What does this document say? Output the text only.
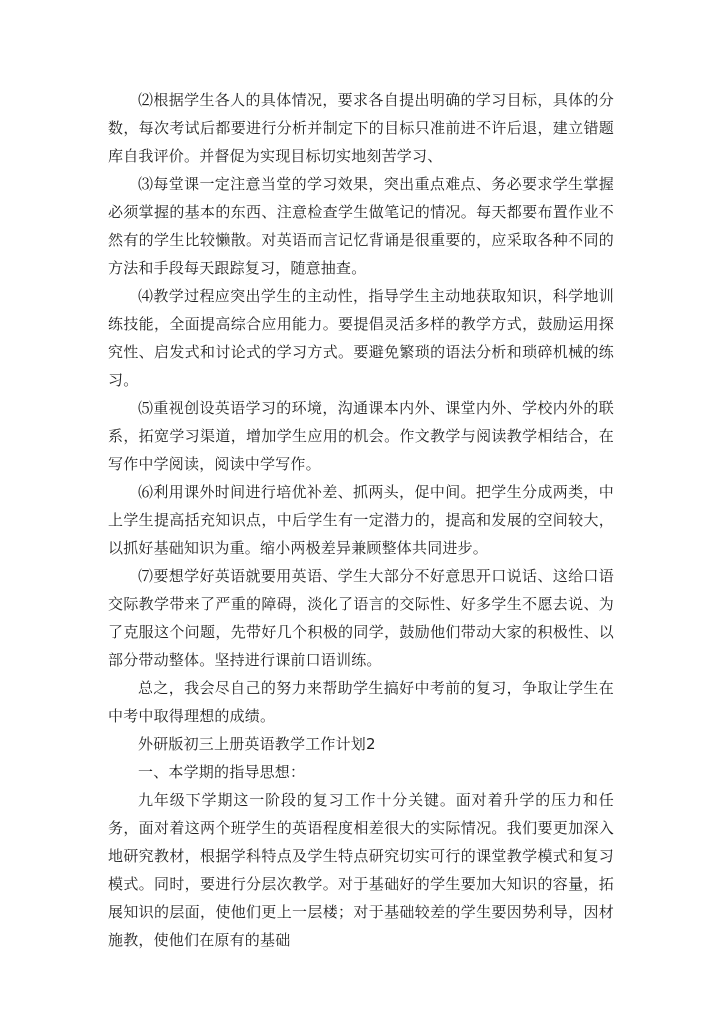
⑵根据学生各人的具体情况，要求各自提出明确的学习目标，具体的分数，每次考试后都要进行分析并制定下的目标只准前进不许后退，建立错题库自我评价。并督促为实现目标切实地刻苦学习、

⑶每堂课一定注意当堂的学习效果，突出重点难点、务必要求学生掌握必须掌握的基本的东西、注意检查学生做笔记的情况。每天都要布置作业不然有的学生比较懒散。对英语而言记忆背诵是很重要的，应采取各种不同的方法和手段每天跟踪复习，随意抽查。

⑷教学过程应突出学生的主动性，指导学生主动地获取知识，科学地训练技能，全面提高综合应用能力。要提倡灵活多样的教学方式，鼓励运用探究性、启发式和讨论式的学习方式。要避免繁琐的语法分析和琐碎机械的练习。

⑸重视创设英语学习的环境，沟通课本内外、课堂内外、学校内外的联系，拓宽学习渠道，增加学生应用的机会。作文教学与阅读教学相结合，在写作中学阅读，阅读中学写作。

⑹利用课外时间进行培优补差、抓两头，促中间。把学生分成两类，中上学生提高括充知识点，中后学生有一定潜力的，提高和发展的空间较大，以抓好基础知识为重。缩小两极差异兼顾整体共同进步。

⑺要想学好英语就要用英语、学生大部分不好意思开口说话、这给口语交际教学带来了严重的障碍，淡化了语言的交际性、好多学生不愿去说、为了克服这个问题，先带好几个积极的同学，鼓励他们带动大家的积极性、以部分带动整体。坚持进行课前口语训练。

总之，我会尽自己的努力来帮助学生搞好中考前的复习，争取让学生在中考中取得理想的成绩。

外研版初三上册英语教学工作计划2

一、本学期的指导思想：

九年级下学期这一阶段的复习工作十分关键。面对着升学的压力和任务，面对着这两个班学生的英语程度相差很大的实际情况。我们要更加深入地研究教材，根据学科特点及学生特点研究切实可行的课堂教学模式和复习模式。同时，要进行分层次教学。对于基础好的学生要加大知识的容量，拓展知识的层面，使他们更上一层楼；对于基础较差的学生要因势利导，因材施教，使他们在原有的基础
